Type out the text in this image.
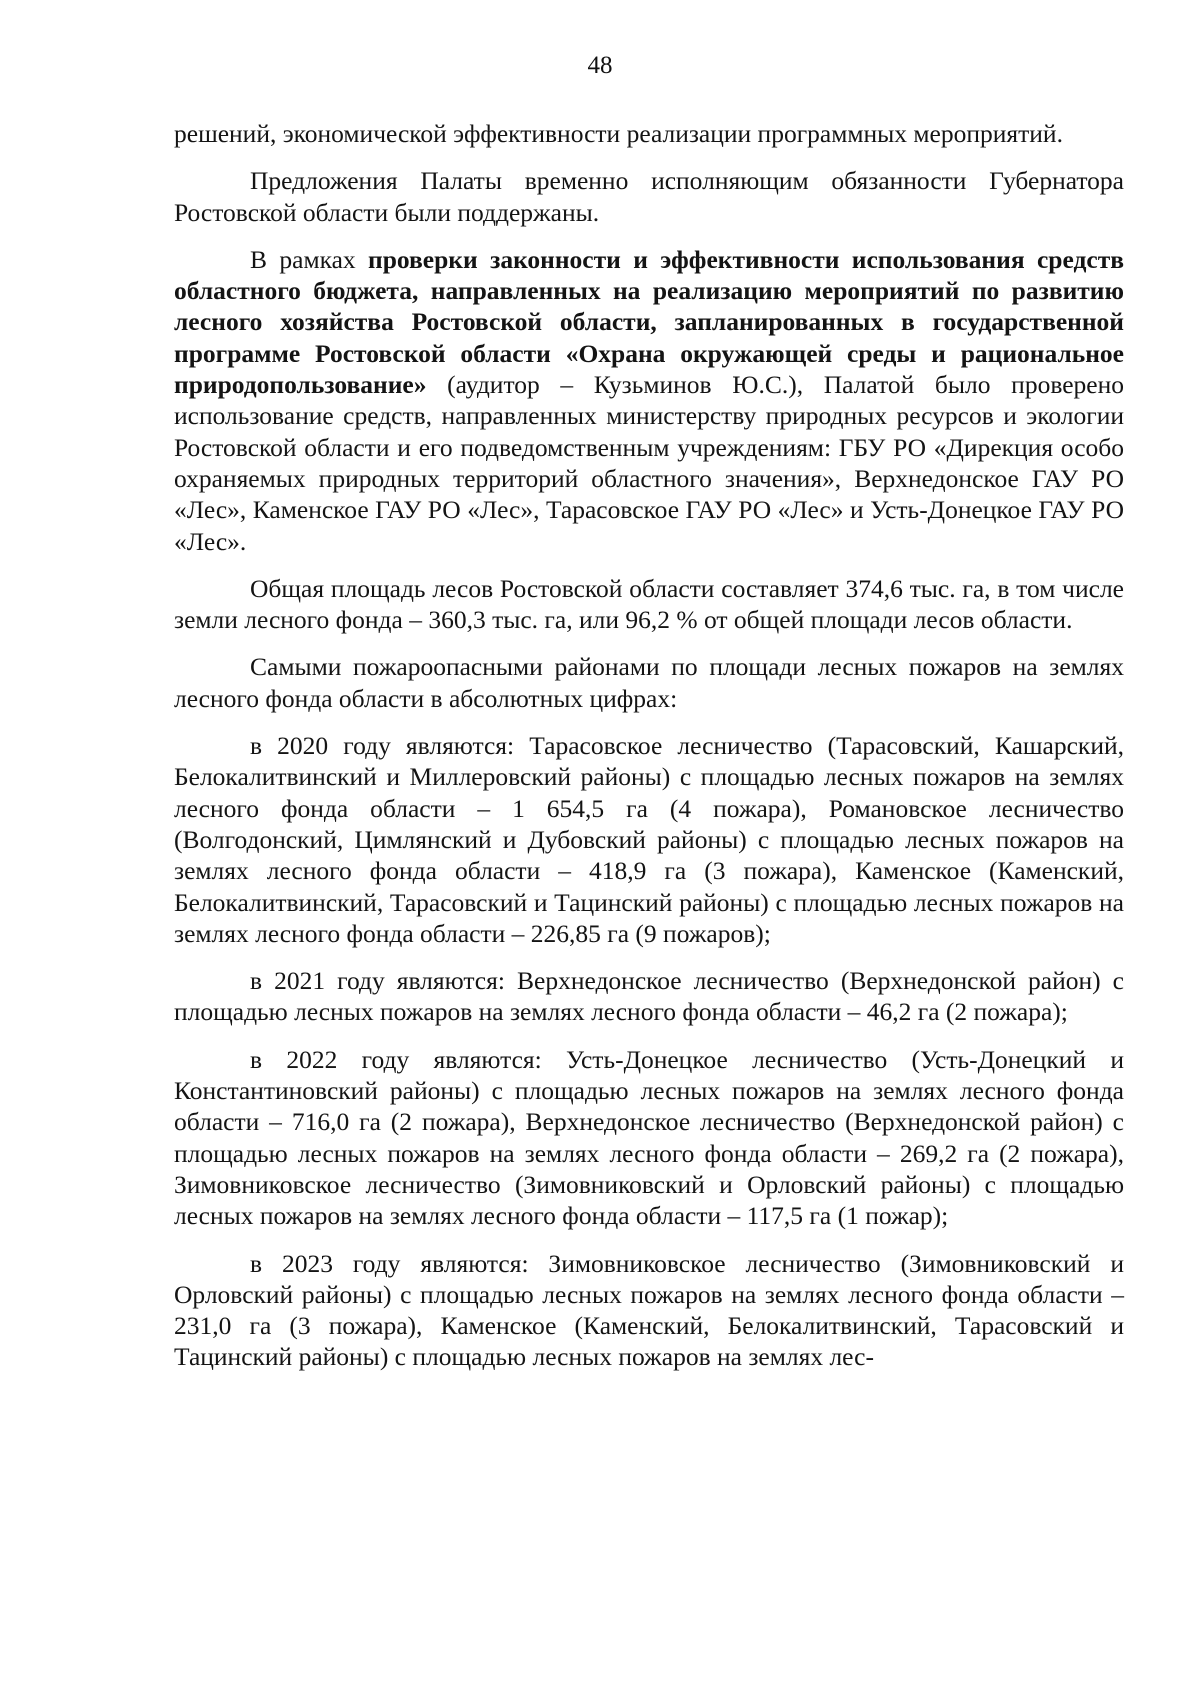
48

решений, экономической эффективности реализации программных мероприятий.

Предложения Палаты временно исполняющим обязанности Губернатора Ростовской области были поддержаны.

В рамках проверки законности и эффективности использования средств областного бюджета, направленных на реализацию мероприятий по развитию лесного хозяйства Ростовской области, запланированных в государственной программе Ростовской области «Охрана окружающей среды и рациональное природопользование» (аудитор – Кузьминов Ю.С.), Палатой было проверено использование средств, направленных министерству природных ресурсов и экологии Ростовской области и его подведомственным учреждениям: ГБУ РО «Дирекция особо охраняемых природных территорий областного значения», Верхнедонское ГАУ РО «Лес», Каменское ГАУ РО «Лес», Тарасовское ГАУ РО «Лес» и Усть-Донецкое ГАУ РО «Лес».

Общая площадь лесов Ростовской области составляет 374,6 тыс. га, в том числе земли лесного фонда – 360,3 тыс. га, или 96,2 % от общей площади лесов области.

Самыми пожароопасными районами по площади лесных пожаров на землях лесного фонда области в абсолютных цифрах:

в 2020 году являются: Тарасовское лесничество (Тарасовский, Кашарский, Белокалитвинский и Миллеровский районы) с площадью лесных пожаров на землях лесного фонда области – 1 654,5 га (4 пожара), Романовское лесничество (Волгодонский, Цимлянский и Дубовский районы) с площадью лесных пожаров на землях лесного фонда области – 418,9 га (3 пожара), Каменское (Каменский, Белокалитвинский, Тарасовский и Тацинский районы) с площадью лесных пожаров на землях лесного фонда области – 226,85 га (9 пожаров);

в 2021 году являются: Верхнедонское лесничество (Верхнедонской район) с площадью лесных пожаров на землях лесного фонда области – 46,2 га (2 пожара);

в 2022 году являются: Усть-Донецкое лесничество (Усть-Донецкий и Константиновский районы) с площадью лесных пожаров на землях лесного фонда области – 716,0 га (2 пожара), Верхнедонское лесничество (Верхнедонской район) с площадью лесных пожаров на землях лесного фонда области – 269,2 га (2 пожара), Зимовниковское лесничество (Зимовниковский и Орловский районы) с площадью лесных пожаров на землях лесного фонда области – 117,5 га (1 пожар);

в 2023 году являются: Зимовниковское лесничество (Зимовниковский и Орловский районы) с площадью лесных пожаров на землях лесного фонда области – 231,0 га (3 пожара), Каменское (Каменский, Белокалитвинский, Тарасовский и Тацинский районы) с площадью лесных пожаров на землях лес-
